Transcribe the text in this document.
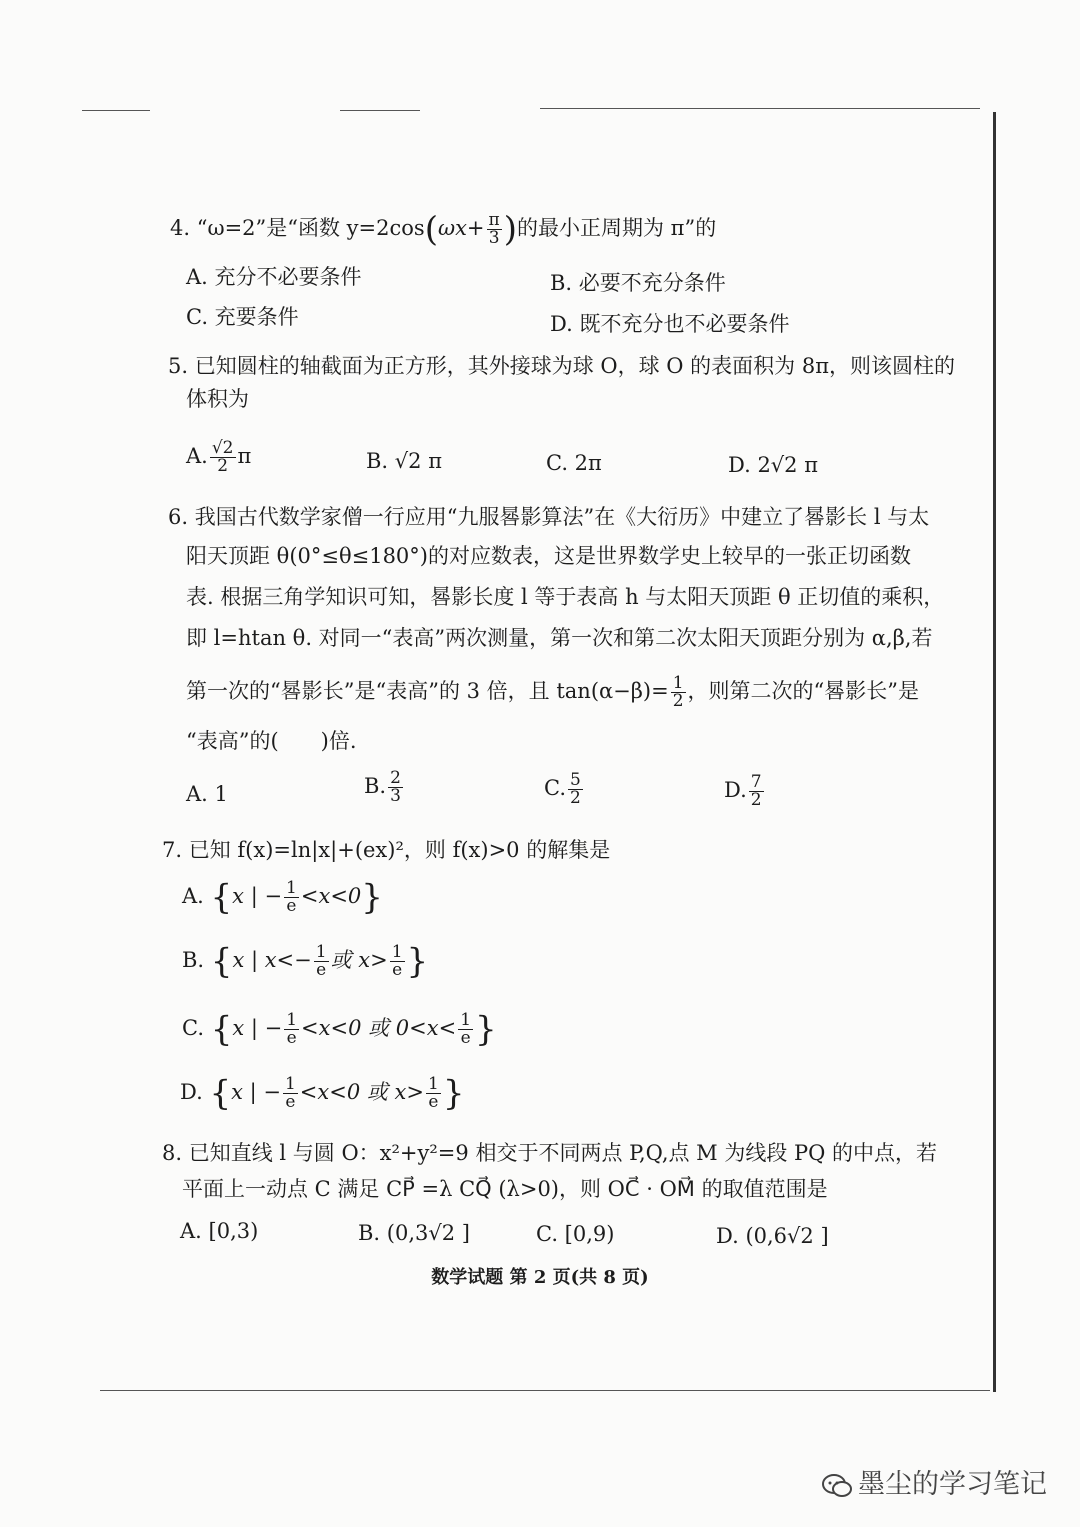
4. “ω=2”是“函数 $y=2\cos(\omega x+ \frac{\pi}{3}$ )的最小正周期为 π”的
A. 充分不必要条件	B. 必要不充分条件
C. 充要条件	D. 既不充分也不必要条件
5. 已知圆柱的轴截面为正方形，其外接球为球 O，球 O 的表面积为 8π，则该圆柱的
体积为
A. $\frac{√2}{2}$ π	B. √2 π	C. 2π	D. 2√2 π
6. 我国古代数学家僧一行应用“九服晷影算法”在《大衍历》中建立了晷影长 l 与太
阳天顶距 θ(0°≤θ≤180°)的对应数表，这是世界数学史上较早的一张正切函数
表. 根据三角学知识可知，晷影长度 l 等于表高 h 与太阳天顶距 θ 正切值的乘积，
即 l=htan θ. 对同一“表高”两次测量，第一次和第二次太阳天顶距分别为 α,β,若
第一次的“晷影长”是“表高”的 3 倍，且 $\tan(\alpha-\beta)= \frac{1}{2}$ ，则第二次的“晷影长”是
“表高”的(　　)倍.
A. 1	B. $\frac{2}{3}$	C. $\frac{5}{2}$	D. $\frac{7}{2}$
7. 已知 f(x)=ln|x|+(ex)²，则 f(x)>0 的解集是
A. {x | − $\frac{1}{e} <x<0$}
B. {x | $x<- \frac{1}{e}$ 或 $x> \frac{1}{e}$ }
C. {x | − $\frac{1}{e} <x<0$ 或 $0<x< \frac{1}{e}$ }
D. {x | − $\frac{1}{e} <x<0$ 或 $x> \frac{1}{e}$ }
8. 已知直线 l 与圆 O：x²+y²=9 相交于不同两点 P,Q,点 M 为线段 PQ 的中点，若
平面上一动点 C 满足 CP⃗ =λ CQ⃗ (λ>0)，则 OC⃗ · OM⃗ 的取值范围是
A. [0,3)	B. (0,3√2 ]	C. [0,9)	D. (0,6√2 ]
数学试题 第 2 页(共 8 页)
墨尘的学习笔记
